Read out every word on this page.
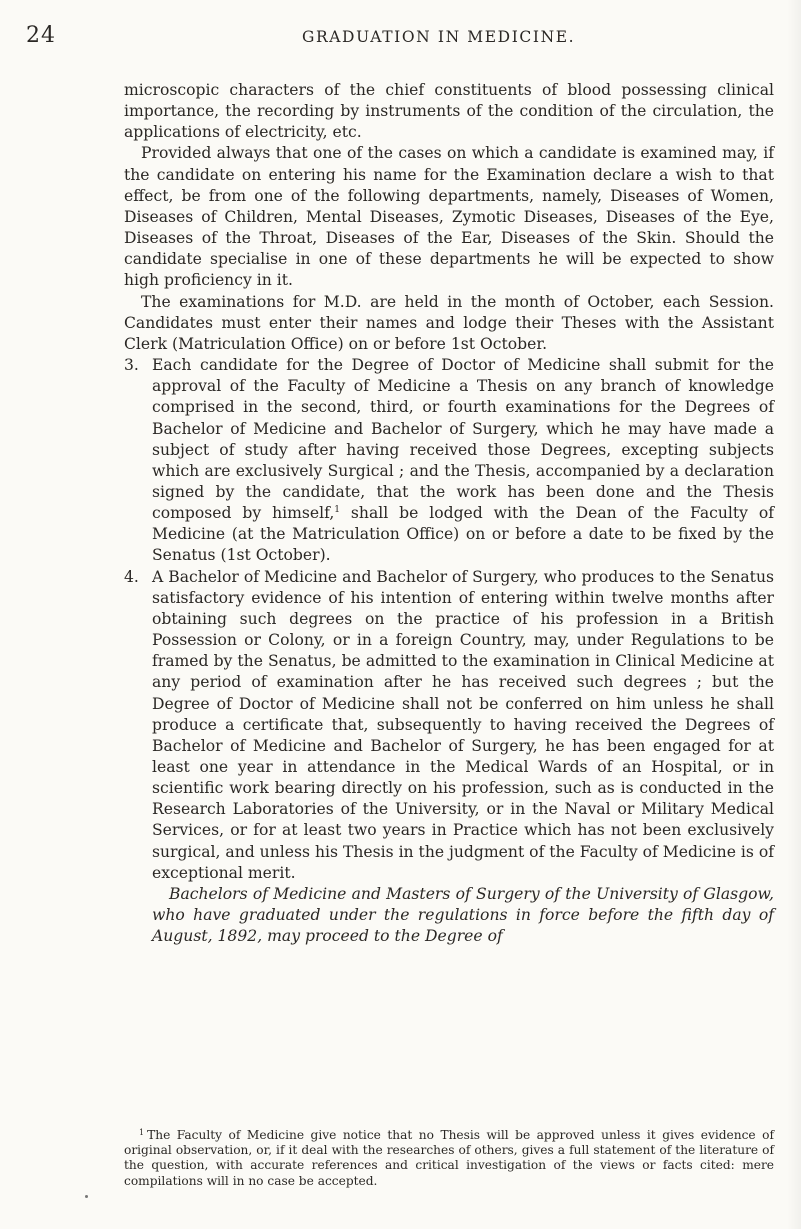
24	GRADUATION IN MEDICINE.

microscopic characters of the chief constituents of blood possessing clinical importance, the recording by instruments of the condition of the circulation, the applications of electricity, etc.

Provided always that one of the cases on which a candidate is examined may, if the candidate on entering his name for the Examination declare a wish to that effect, be from one of the following departments, namely, Diseases of Women, Diseases of Children, Mental Diseases, Zymotic Diseases, Diseases of the Eye, Diseases of the Throat, Diseases of the Ear, Diseases of the Skin. Should the candidate specialise in one of these departments he will be expected to show high proficiency in it.

The examinations for M.D. are held in the month of October, each Session. Candidates must enter their names and lodge their Theses with the Assistant Clerk (Matriculation Office) on or before 1st October.

3. Each candidate for the Degree of Doctor of Medicine shall submit for the approval of the Faculty of Medicine a Thesis on any branch of knowledge comprised in the second, third, or fourth examinations for the Degrees of Bachelor of Medicine and Bachelor of Surgery, which he may have made a subject of study after having received those Degrees, excepting subjects which are exclusively Surgical ; and the Thesis, accompanied by a declaration signed by the candidate, that the work has been done and the Thesis composed by himself,$^1$ shall be lodged with the Dean of the Faculty of Medicine (at the Matriculation Office) on or before a date to be fixed by the Senatus (1st October).

4. A Bachelor of Medicine and Bachelor of Surgery, who produces to the Senatus satisfactory evidence of his intention of entering within twelve months after obtaining such degrees on the practice of his profession in a British Possession or Colony, or in a foreign Country, may, under Regulations to be framed by the Senatus, be admitted to the examination in Clinical Medicine at any period of examination after he has received such degrees ; but the Degree of Doctor of Medicine shall not be conferred on him unless he shall produce a certificate that, subsequently to having received the Degrees of Bachelor of Medicine and Bachelor of Surgery, he has been engaged for at least one year in attendance in the Medical Wards of an Hospital, or in scientific work bearing directly on his profession, such as is conducted in the Research Laboratories of the University, or in the Naval or Military Medical Services, or for at least two years in Practice which has not been exclusively surgical, and unless his Thesis in the judgment of the Faculty of Medicine is of exceptional merit.

Bachelors of Medicine and Masters of Surgery of the University of Glasgow, who have graduated under the regulations in force before the fifth day of August, 1892, may proceed to the Degree of

$^1$ The Faculty of Medicine give notice that no Thesis will be approved unless it gives evidence of original observation, or, if it deal with the researches of others, gives a full statement of the literature of the question, with accurate references and critical investigation of the views or facts cited: mere compilations will in no case be accepted.
